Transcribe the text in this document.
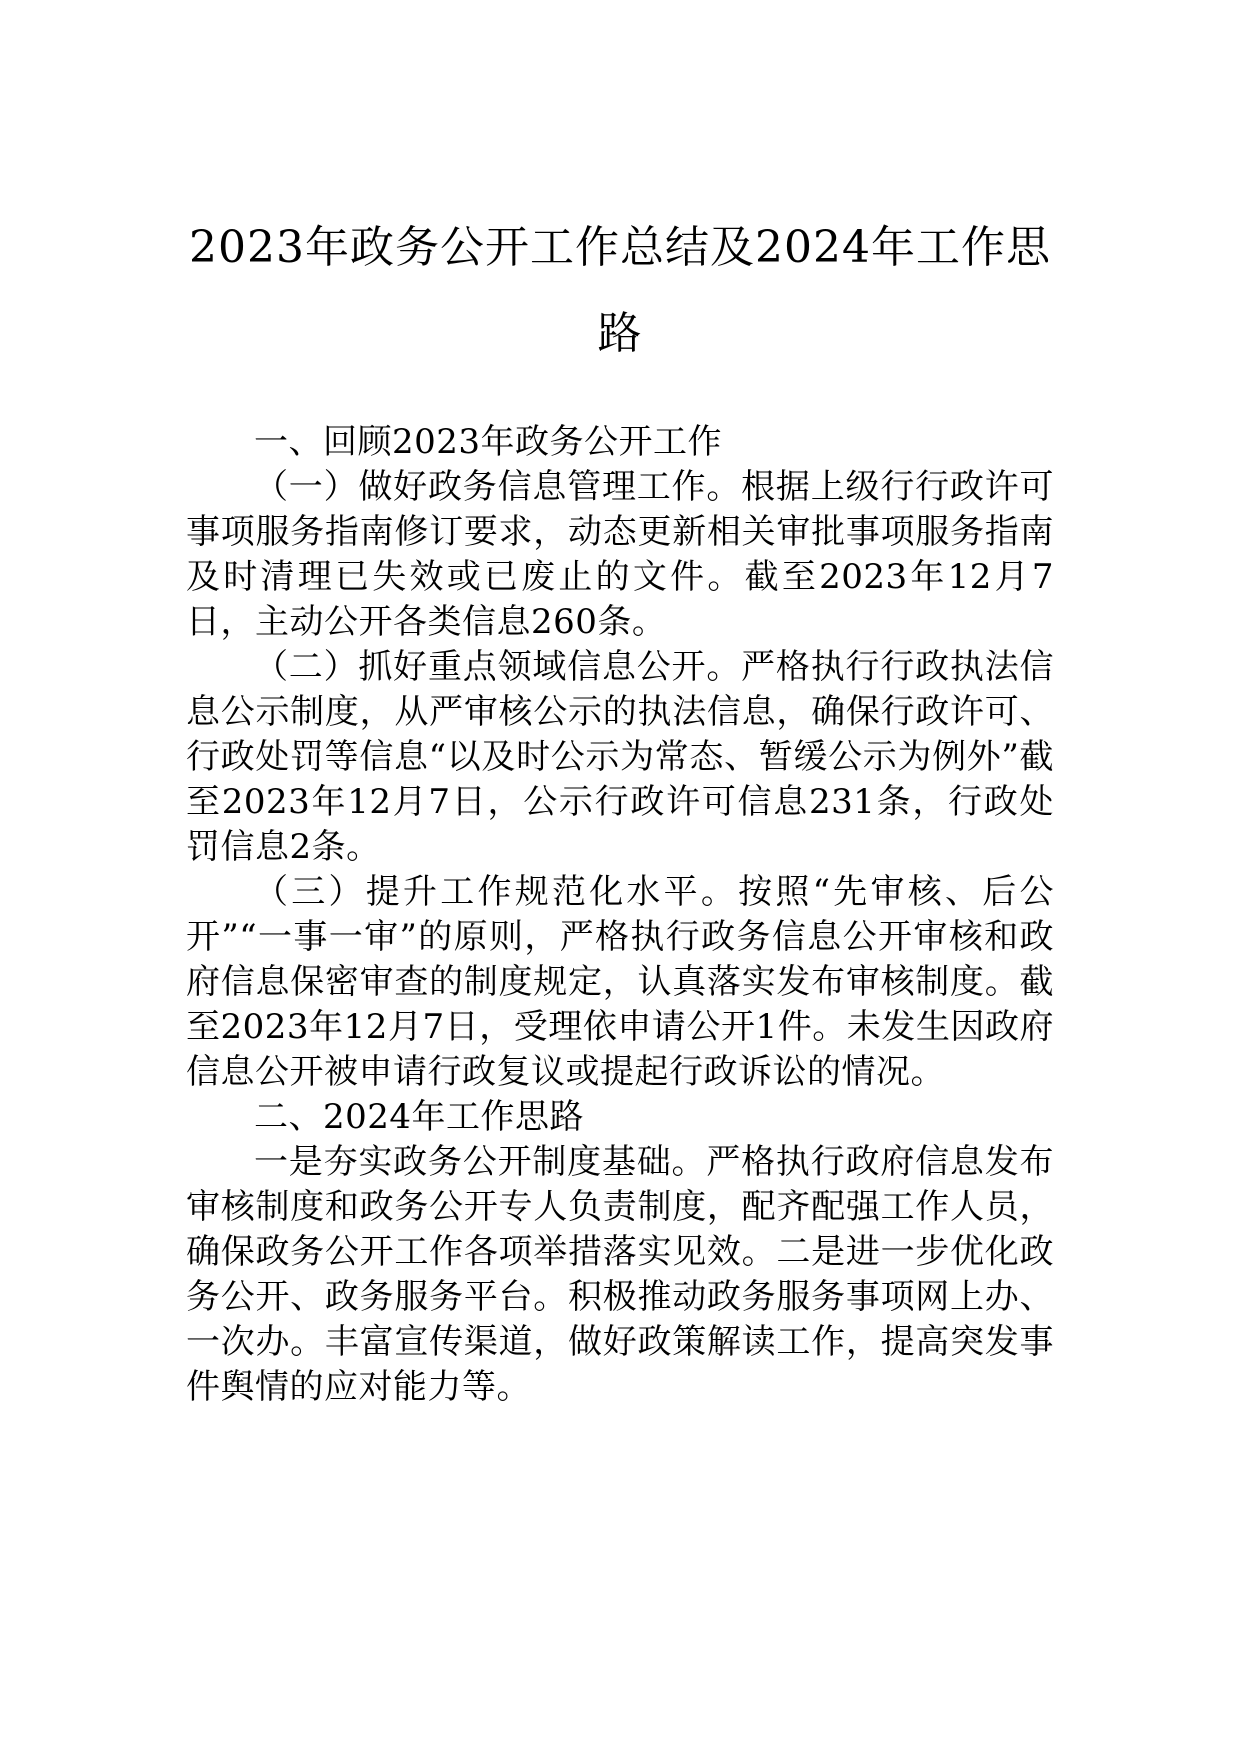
2023年政务公开工作总结及2024年工作思路

一、回顾2023年政务公开工作

（一）做好政务信息管理工作。根据上级行行政许可事项服务指南修订要求，动态更新相关审批事项服务指南及时清理已失效或已废止的文件。截至2023年12月7日，主动公开各类信息260条。

（二）抓好重点领域信息公开。严格执行行政执法信息公示制度，从严审核公示的执法信息，确保行政许可、行政处罚等信息“以及时公示为常态、暂缓公示为例外”截至2023年12月7日，公示行政许可信息231条，行政处罚信息2条。

（三）提升工作规范化水平。按照“先审核、后公开”“一事一审”的原则，严格执行政务信息公开审核和政府信息保密审查的制度规定，认真落实发布审核制度。截至2023年12月7日，受理依申请公开1件。未发生因政府信息公开被申请行政复议或提起行政诉讼的情况。

二、2024年工作思路

一是夯实政务公开制度基础。严格执行政府信息发布审核制度和政务公开专人负责制度，配齐配强工作人员，确保政务公开工作各项举措落实见效。二是进一步优化政务公开、政务服务平台。积极推动政务服务事项网上办、一次办。丰富宣传渠道，做好政策解读工作，提高突发事件舆情的应对能力等。
